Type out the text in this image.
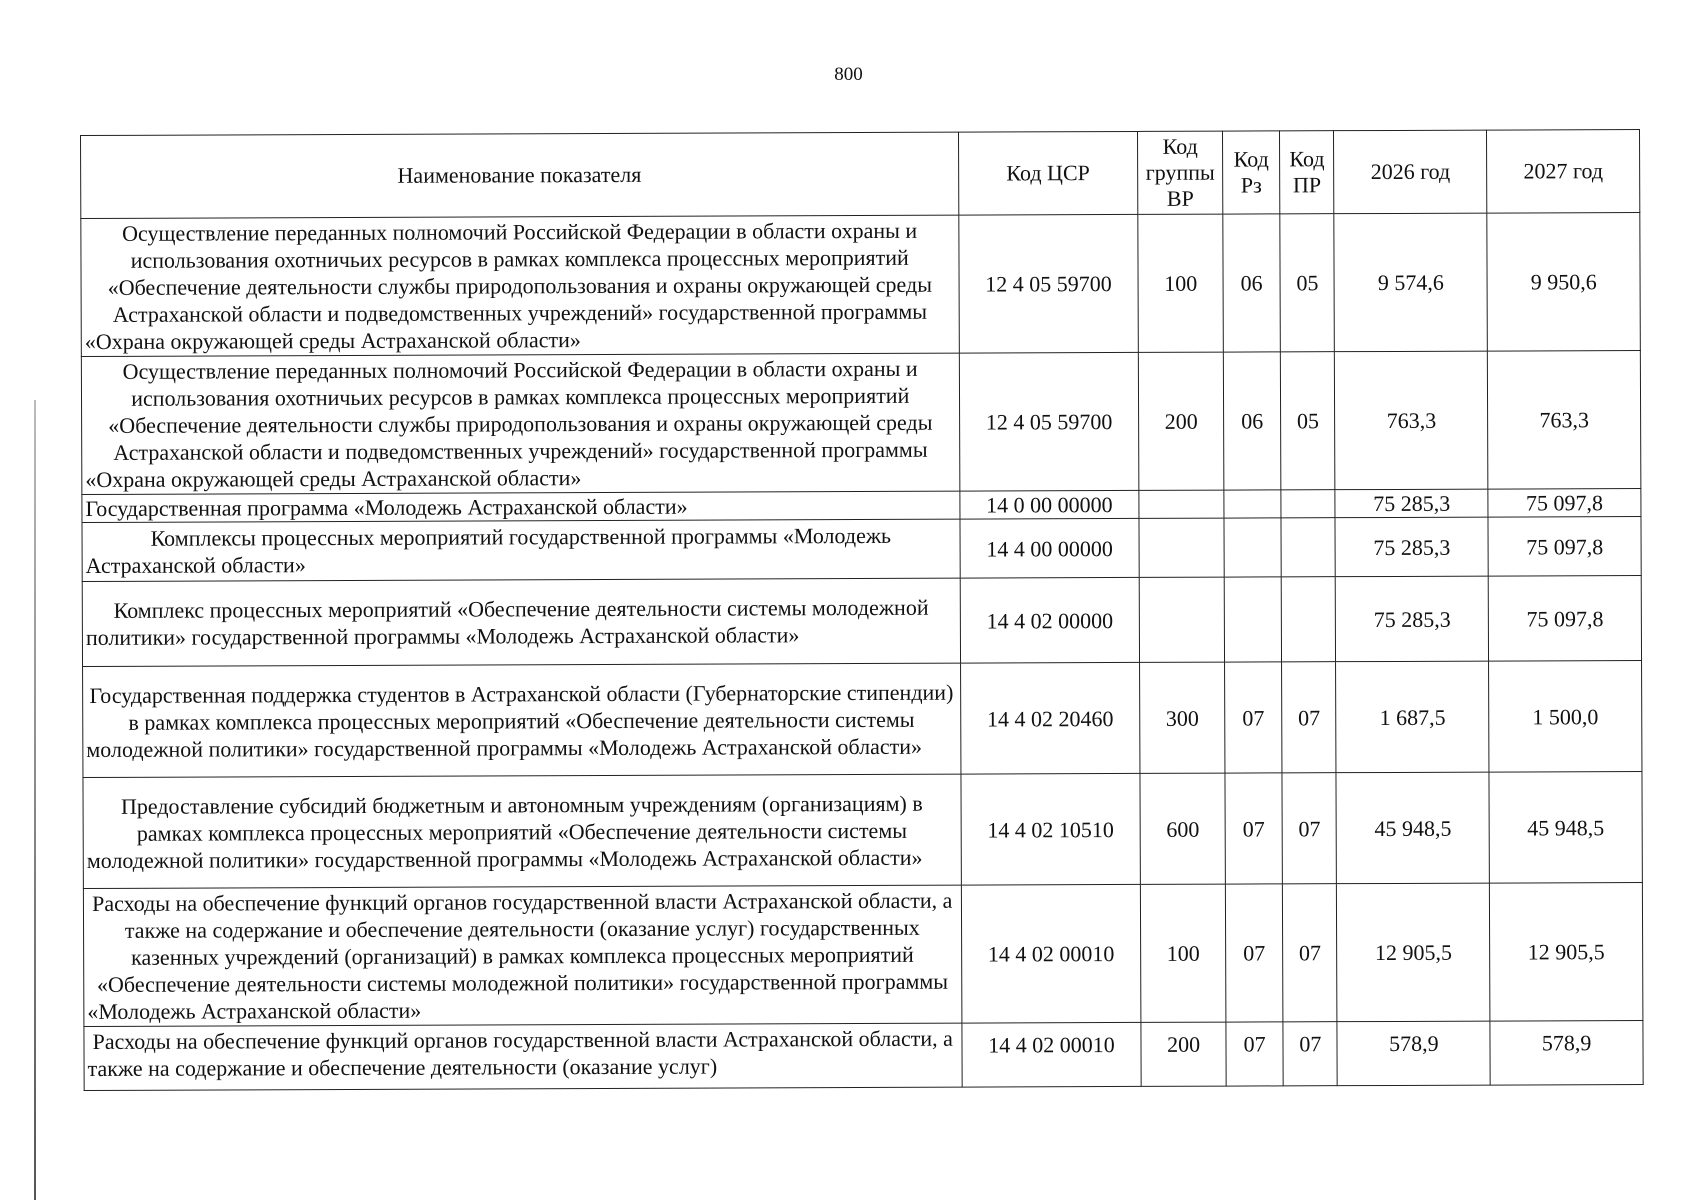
800
Наименование показателя	Код ЦСР	Код группы ВР	Код Рз	Код ПР	2026 год	2027 год
Осуществление переданных полномочий Российской Федерации в области охраны и использования охотничьих ресурсов в рамках комплекса процессных мероприятий «Обеспечение деятельности службы природопользования и охраны окружающей среды Астраханской области и подведомственных учреждений» государственной программы «Охрана окружающей среды Астраханской области»	12 4 05 59700	100	06	05	9 574,6	9 950,6
Осуществление переданных полномочий Российской Федерации в области охраны и использования охотничьих ресурсов в рамках комплекса процессных мероприятий «Обеспечение деятельности службы природопользования и охраны окружающей среды Астраханской области и подведомственных учреждений» государственной программы «Охрана окружающей среды Астраханской области»	12 4 05 59700	200	06	05	763,3	763,3
Государственная программа «Молодежь Астраханской области»	14 0 00 00000				75 285,3	75 097,8
Комплексы процессных мероприятий государственной программы «Молодежь Астраханской области»	14 4 00 00000				75 285,3	75 097,8
Комплекс процессных мероприятий «Обеспечение деятельности системы молодежной политики» государственной программы «Молодежь Астраханской области»	14 4 02 00000				75 285,3	75 097,8
Государственная поддержка студентов в Астраханской области (Губернаторские стипендии) в рамках комплекса процессных мероприятий «Обеспечение деятельности системы молодежной политики» государственной программы «Молодежь Астраханской области»	14 4 02 20460	300	07	07	1 687,5	1 500,0
Предоставление субсидий бюджетным и автономным учреждениям (организациям) в рамках комплекса процессных мероприятий «Обеспечение деятельности системы молодежной политики» государственной программы «Молодежь Астраханской области»	14 4 02 10510	600	07	07	45 948,5	45 948,5
Расходы на обеспечение функций органов государственной власти Астраханской области, а также на содержание и обеспечение деятельности (оказание услуг) государственных казенных учреждений (организаций) в рамках комплекса процессных мероприятий «Обеспечение деятельности системы молодежной политики» государственной программы «Молодежь Астраханской области»	14 4 02 00010	100	07	07	12 905,5	12 905,5
Расходы на обеспечение функций органов государственной власти Астраханской области, а также на содержание и обеспечение деятельности (оказание услуг)	14 4 02 00010	200	07	07	578,9	578,9
